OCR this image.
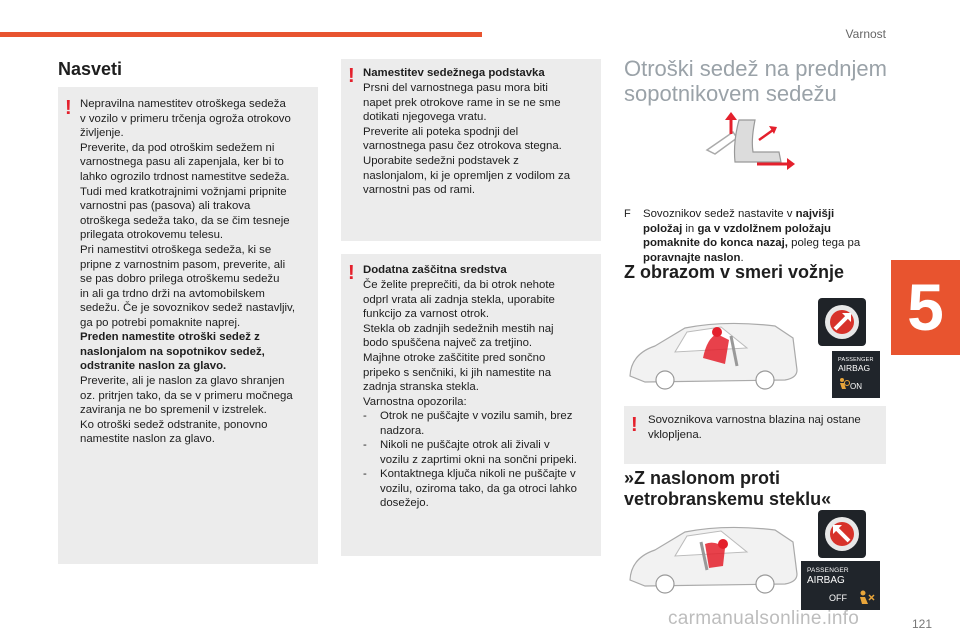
Varnost
5
Nasveti
! Nepravilna namestitev otroškega sedeža
v vozilo v primeru trčenja ogroža otrokovo
življenje.
Preverite, da pod otroškim sedežem ni
varnostnega pasu ali zapenjala, ker bi to
lahko ogrozilo trdnost namestitve sedeža.
Tudi med kratkotrajnimi vožnjami pripnite
varnostni pas (pasova) ali trakova
otroškega sedeža tako, da se čim tesneje
prilegata otrokovemu telesu.
Pri namestitvi otroškega sedeža, ki se
pripne z varnostnim pasom, preverite, ali
se pas dobro prilega otroškemu sedežu
in ali ga trdno drži na avtomobilskem
sedežu. Če je sovoznikov sedež nastavljiv,
ga po potrebi pomaknite naprej.
Preden namestite otroški sedež z
naslonjalom na sopotnikov sedež,
odstranite naslon za glavo.
Preverite, ali je naslon za glavo shranjen
oz. pritrjen tako, da se v primeru močnega
zaviranja ne bo spremenil v izstrelek.
Ko otroški sedež odstranite, ponovno
namestite naslon za glavo.
! Namestitev sedežnega podstavka
Prsni del varnostnega pasu mora biti
napet prek otrokove rame in se ne sme
dotikati njegovega vratu.
Preverite ali poteka spodnji del
varnostnega pasu čez otrokova stegna.
Uporabite sedežni podstavek z
naslonjalom, ki je opremljen z vodilom za
varnostni pas od rami.
! Dodatna zaščitna sredstva
Če želite preprečiti, da bi otrok nehote
odprl vrata ali zadnja stekla, uporabite
funkcijo za varnost otrok.
Stekla ob zadnjih sedežnih mestih naj
bodo spuščena največ za tretjino.
Majhne otroke zaščitite pred sončno
pripeko s senčniki, ki jih namestite na
zadnja stranska stekla.
Varnostna opozorila:
- Otrok ne puščajte v vozilu samih, brez
nadzora.
- Nikoli ne puščajte otrok ali živali v
vozilu z zaprtimi okni na sončni pripeki.
- Kontaktnega ključa nikoli ne puščajte v
vozilu, oziroma tako, da ga otroci lahko
dosežejo.
Otroški sedež na prednjem
sopotnikovem sedežu
F Sovoznikov sedež nastavite v najvišji
položaj in ga v vzdolžnem položaju
pomaknite do konca nazaj, poleg tega pa
poravnajte naslon.
Z obrazom v smeri vožnje
PASSENGER
AIRBAG
ON
! Sovoznikova varnostna blazina naj ostane
vklopljena.
»Z naslonom proti
vetrobranskemu steklu«
PASSENGER
AIRBAG
OFF
carmanualsonline.info	121
